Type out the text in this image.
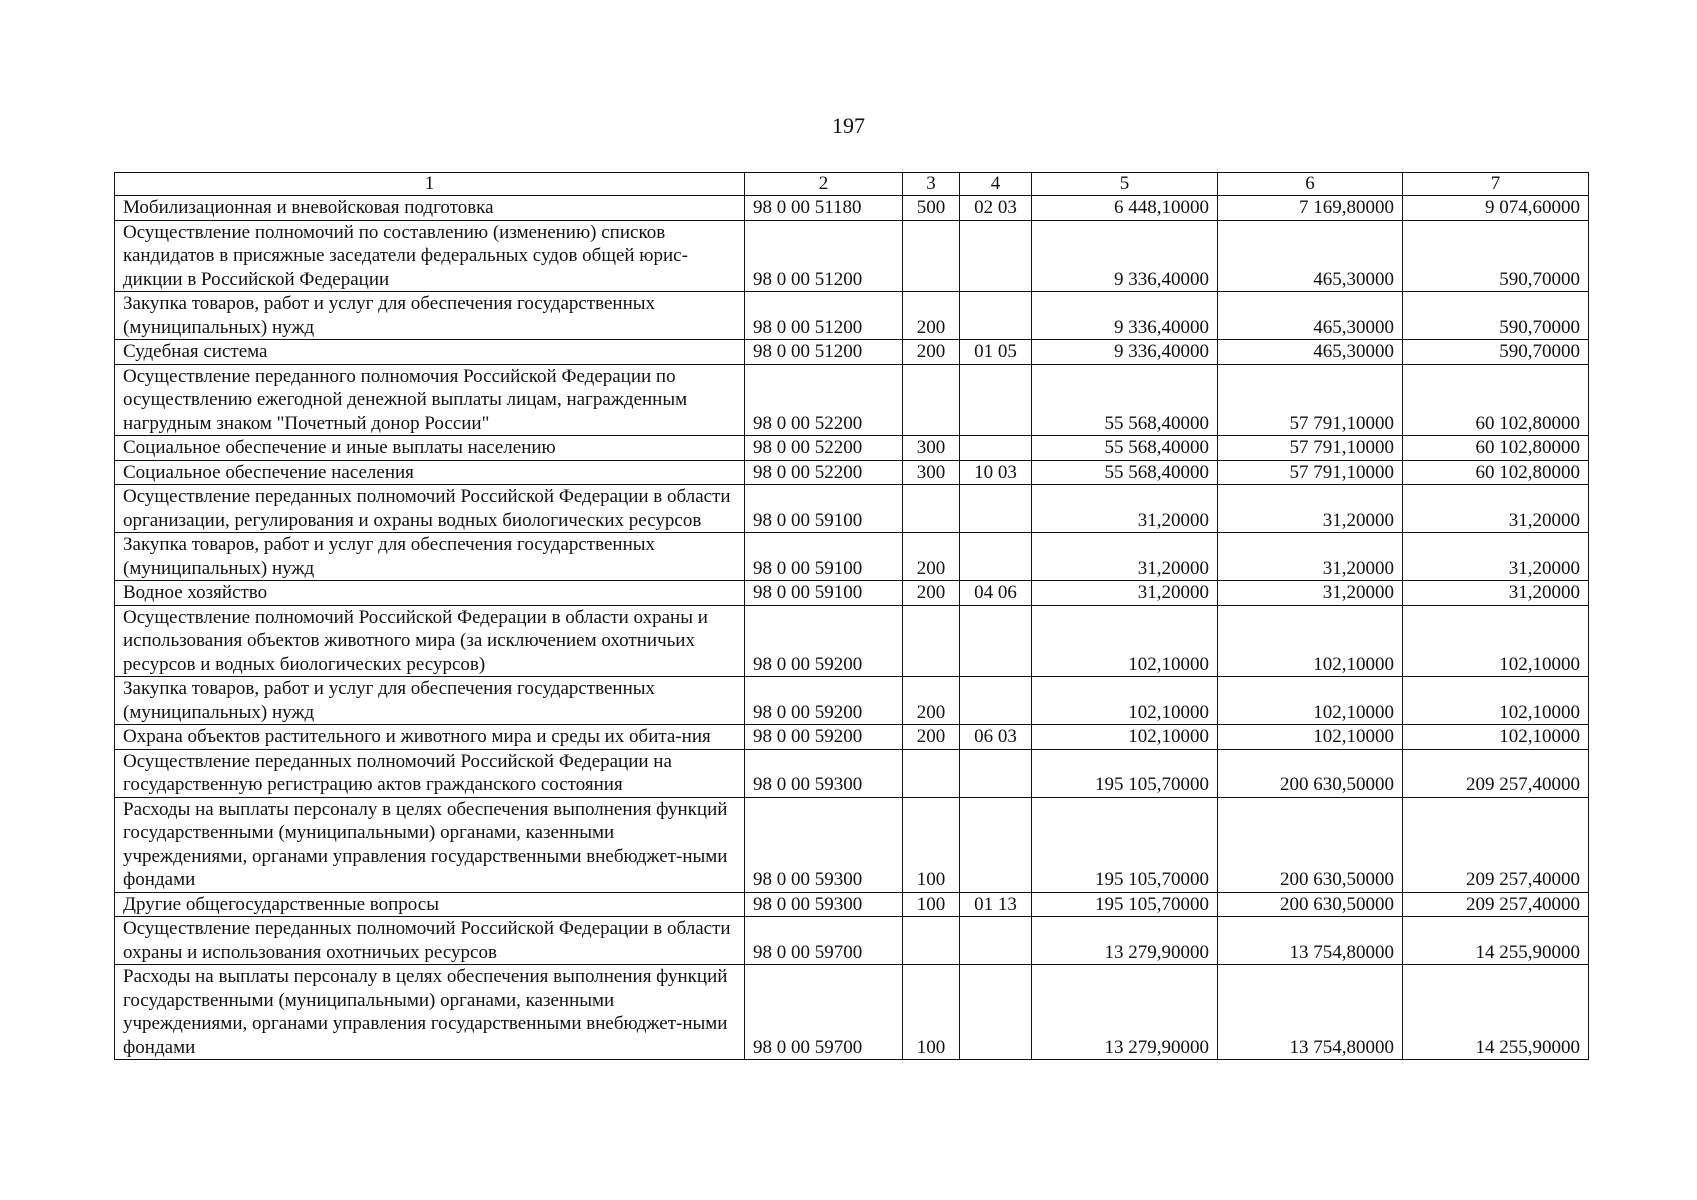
197
1	2	3	4	5	6	7
Мобилизационная и вневойсковая подготовка	98 0 00 51180	500	02 03	6 448,10000	7 169,80000	9 074,60000
Осуществление полномочий по составлению (изменению) списков кандидатов в присяжные заседатели федеральных судов общей юрис-дикции в Российской Федерации	98 0 00 51200			9 336,40000	465,30000	590,70000
Закупка товаров, работ и услуг для обеспечения государственных (муниципальных) нужд	98 0 00 51200	200		9 336,40000	465,30000	590,70000
Судебная система	98 0 00 51200	200	01 05	9 336,40000	465,30000	590,70000
Осуществление переданного полномочия Российской Федерации по осуществлению ежегодной денежной выплаты лицам, награжденным нагрудным знаком "Почетный донор России"	98 0 00 52200			55 568,40000	57 791,10000	60 102,80000
Социальное обеспечение и иные выплаты населению	98 0 00 52200	300		55 568,40000	57 791,10000	60 102,80000
Социальное обеспечение населения	98 0 00 52200	300	10 03	55 568,40000	57 791,10000	60 102,80000
Осуществление переданных полномочий Российской Федерации в области организации, регулирования и охраны водных биологических ресурсов	98 0 00 59100			31,20000	31,20000	31,20000
Закупка товаров, работ и услуг для обеспечения государственных (муниципальных) нужд	98 0 00 59100	200		31,20000	31,20000	31,20000
Водное хозяйство	98 0 00 59100	200	04 06	31,20000	31,20000	31,20000
Осуществление полномочий Российской Федерации в области охраны и использования объектов животного мира (за исключением охотничьих ресурсов и водных биологических ресурсов)	98 0 00 59200			102,10000	102,10000	102,10000
Закупка товаров, работ и услуг для обеспечения государственных (муниципальных) нужд	98 0 00 59200	200		102,10000	102,10000	102,10000
Охрана объектов растительного и животного мира и среды их обита-ния	98 0 00 59200	200	06 03	102,10000	102,10000	102,10000
Осуществление переданных полномочий Российской Федерации на государственную регистрацию актов гражданского состояния	98 0 00 59300			195 105,70000	200 630,50000	209 257,40000
Расходы на выплаты персоналу в целях обеспечения выполнения функций государственными (муниципальными) органами, казенными учреждениями, органами управления государственными внебюджет-ными фондами	98 0 00 59300	100		195 105,70000	200 630,50000	209 257,40000
Другие общегосударственные вопросы	98 0 00 59300	100	01 13	195 105,70000	200 630,50000	209 257,40000
Осуществление переданных полномочий Российской Федерации в области охраны и использования охотничьих ресурсов	98 0 00 59700			13 279,90000	13 754,80000	14 255,90000
Расходы на выплаты персоналу в целях обеспечения выполнения функций государственными (муниципальными) органами, казенными учреждениями, органами управления государственными внебюджет-ными фондами	98 0 00 59700	100		13 279,90000	13 754,80000	14 255,90000
